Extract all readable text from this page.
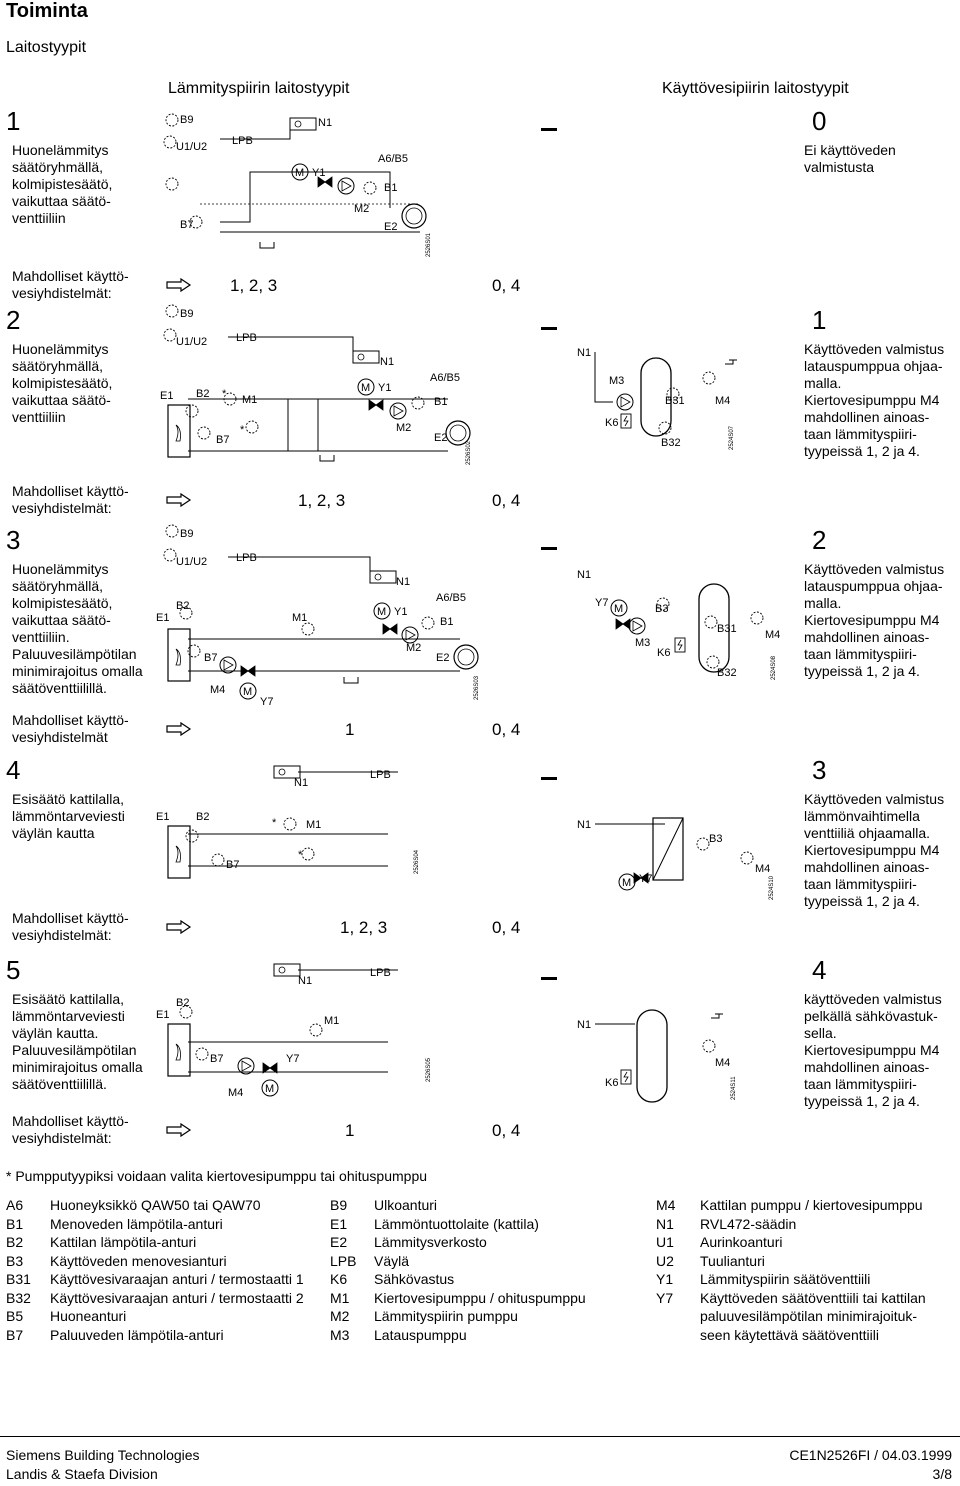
Toiminta
Laitostyypit
Lämmityspiirin laitostyypit	Käyttövesipiirin laitostyypit
1
Huonelämmitys
säätöryhmällä,
kolmipistesäätö,
vaikuttaa säätö-
venttiiliin
Mahdolliset käyttö-
vesiyhdistelmät:	1, 2, 3	0, 4
0
Ei käyttöveden
valmistusta
2
Huonelämmitys
säätöryhmällä,
kolmipistesäätö,
vaikuttaa säätö-
venttiiliin
Mahdolliset käyttö-
vesiyhdistelmät:	1, 2, 3	0, 4
1
Käyttöveden valmistus
latauspumppua ohjaa-
malla.
Kiertovesipumppu M4
mahdollinen ainoas-
taan lämmityspiiri-
tyypeissä 1, 2 ja 4.
3
Huonelämmitys
säätöryhmällä,
kolmipistesäätö,
vaikuttaa säätö-
venttiiliin.
Paluuvesilämpötilan
minimirajoitus omalla
säätöventtiilillä.
Mahdolliset käyttö-
vesiyhdistelmät	1	0, 4
2
Käyttöveden valmistus
latauspumppua ohjaa-
malla.
Kiertovesipumppu M4
mahdollinen ainoas-
taan lämmityspiiri-
tyypeissä 1, 2 ja 4.
4
Esisäätö kattilalla,
lämmöntarveviesti
väylän kautta
Mahdolliset käyttö-
vesiyhdistelmät:	1, 2, 3	0, 4
3
Käyttöveden valmistus
lämmönvaihtimella
venttiiliä ohjaamalla.
Kiertovesipumppu M4
mahdollinen ainoas-
taan lämmityspiiri-
tyypeissä 1, 2 ja 4.
5
Esisäätö kattilalla,
lämmöntarveviesti
väylän kautta.
Paluuvesilämpötilan
minimirajoitus omalla
säätöventtiilillä.
Mahdolliset käyttö-
vesiyhdistelmät:	1	0, 4
4
käyttöveden valmistus
pelkällä sähkövastuk-
sella.
Kiertovesipumppu M4
mahdollinen ainoas-
taan lämmityspiiri-
tyypeissä 1, 2 ja 4.
B9
U1/U2 LPB
N1
B7
M Y1
M2
A6/B5
B1
E2
2526S01
B9
U1/U2
E1 B2 * M1
*
B7
LPB
N1
M Y1
M2
A6/B5
B1
E2
2526S02
B9
U1/U2
E1
B2
B7
M4 M
Y7
LPB
N1
M1	M Y1
M2
A6/B5
B1
E2
2526S03
E1 B2
B7
N1
LPB
*	M1
*	2526S04
E1
B2
B7
M4 M
Y7
N1
LPB
M1
2526S05
N1
M3
K6
B31
B32
M4
2524S07
N1
Y7 M
M3
B3
K6
B31
B32
M4
2524S08
N1
M Y7
B3
M4
2524S10
N1
K6
M4
2524S11
* Pumpputyypiksi voidaan valita kiertovesipumppu tai ohituspumppu
A6 Huoneyksikkö QAW50 tai QAW70
B1 Menoveden lämpötila-anturi
B2 Kattilan lämpötila-anturi
B3 Käyttöveden menovesianturi
B31 Käyttövesivaraajan anturi / termostaatti 1
B32 Käyttövesivaraajan anturi / termostaatti 2
B5 Huoneanturi
B7 Paluuveden lämpötila-anturi
B9 Ulkoanturi
E1 Lämmöntuottolaite (kattila)
E2 Lämmitysverkosto
LPB Väylä
K6 Sähkövastus
M1 Kiertovesipumppu / ohituspumppu
M2 Lämmityspiirin pumppu
M3 Latauspumppu
M4 Kattilan pumppu / kiertovesipumppu
N1 RVL472-säädin
U1 Aurinkoanturi
U2 Tuulianturi
Y1 Lämmityspiirin säätöventtiili
Y7 Käyttöveden säätöventtiili tai kattilan
paluuvesilämpötilan minimirajoituk-
seen käytettävä säätöventtiili
Siemens Building Technologies
Landis & Staefa Division
CE1N2526FI / 04.03.1999
3/8
